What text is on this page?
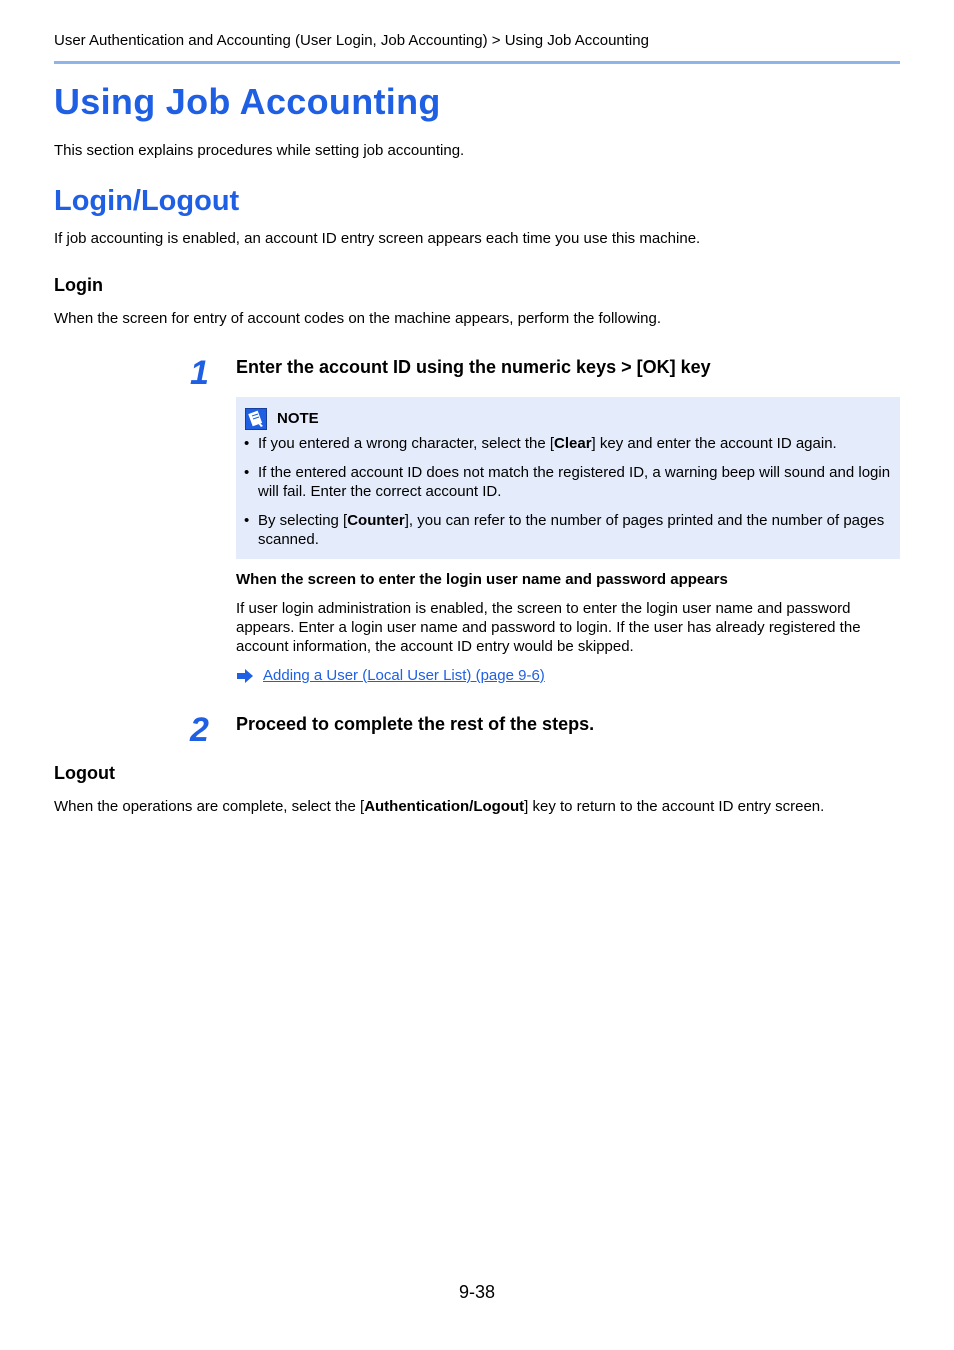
User Authentication and Accounting (User Login, Job Accounting) > Using Job Accounting
Using Job Accounting
This section explains procedures while setting job accounting.
Login/Logout
If job accounting is enabled, an account ID entry screen appears each time you use this machine.
Login
When the screen for entry of account codes on the machine appears, perform the following.
1 Enter the account ID using the numeric keys > [OK] key
NOTE
• If you entered a wrong character, select the [Clear] key and enter the account ID again.
• If the entered account ID does not match the registered ID, a warning beep will sound and login will fail. Enter the correct account ID.
• By selecting [Counter], you can refer to the number of pages printed and the number of pages scanned.
When the screen to enter the login user name and password appears
If user login administration is enabled, the screen to enter the login user name and password appears. Enter a login user name and password to login. If the user has already registered the account information, the account ID entry would be skipped.
Adding a User (Local User List) (page 9-6)
2 Proceed to complete the rest of the steps.
Logout
When the operations are complete, select the [Authentication/Logout] key to return to the account ID entry screen.
9-38
